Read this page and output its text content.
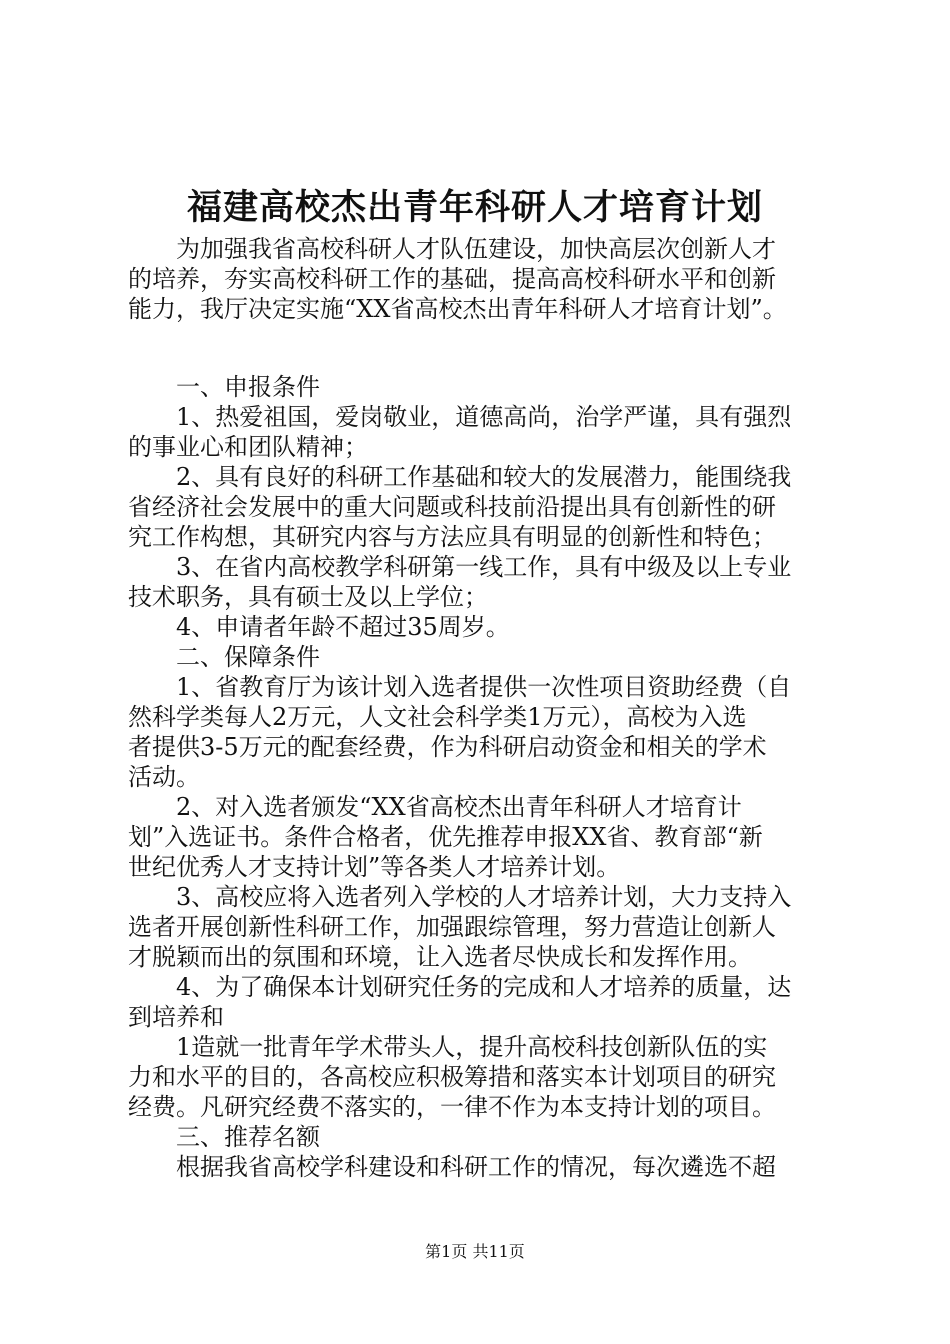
福建高校杰出青年科研人才培育计划
　　为加强我省高校科研人才队伍建设，加快高层次创新人才
的培养，夯实高校科研工作的基础，提高高校科研水平和创新
能力，我厅决定实施“XX省高校杰出青年科研人才培育计划”。
　　一、申报条件
　　1、热爱祖国，爱岗敬业，道德高尚，治学严谨，具有强烈
的事业心和团队精神；
　　2、具有良好的科研工作基础和较大的发展潜力，能围绕我
省经济社会发展中的重大问题或科技前沿提出具有创新性的研
究工作构想，其研究内容与方法应具有明显的创新性和特色；
　　3、在省内高校教学科研第一线工作，具有中级及以上专业
技术职务，具有硕士及以上学位；
　　4、申请者年龄不超过35周岁。
　　二、保障条件
　　1、省教育厅为该计划入选者提供一次性项目资助经费（自
然科学类每人2万元，人文社会科学类1万元），高校为入选
者提供3-5万元的配套经费，作为科研启动资金和相关的学术
活动。
　　2、对入选者颁发“XX省高校杰出青年科研人才培育计
划”入选证书。条件合格者，优先推荐申报XX省、教育部“新
世纪优秀人才支持计划”等各类人才培养计划。
　　3、高校应将入选者列入学校的人才培养计划，大力支持入
选者开展创新性科研工作，加强跟综管理，努力营造让创新人
才脱颖而出的氛围和环境，让入选者尽快成长和发挥作用。
　　4、为了确保本计划研究任务的完成和人才培养的质量，达
到培养和
　　1造就一批青年学术带头人，提升高校科技创新队伍的实
力和水平的目的，各高校应积极筹措和落实本计划项目的研究
经费。凡研究经费不落实的，一律不作为本支持计划的项目。
　　三、推荐名额
　　根据我省高校学科建设和科研工作的情况，每次遴选不超
第1页 共11页
